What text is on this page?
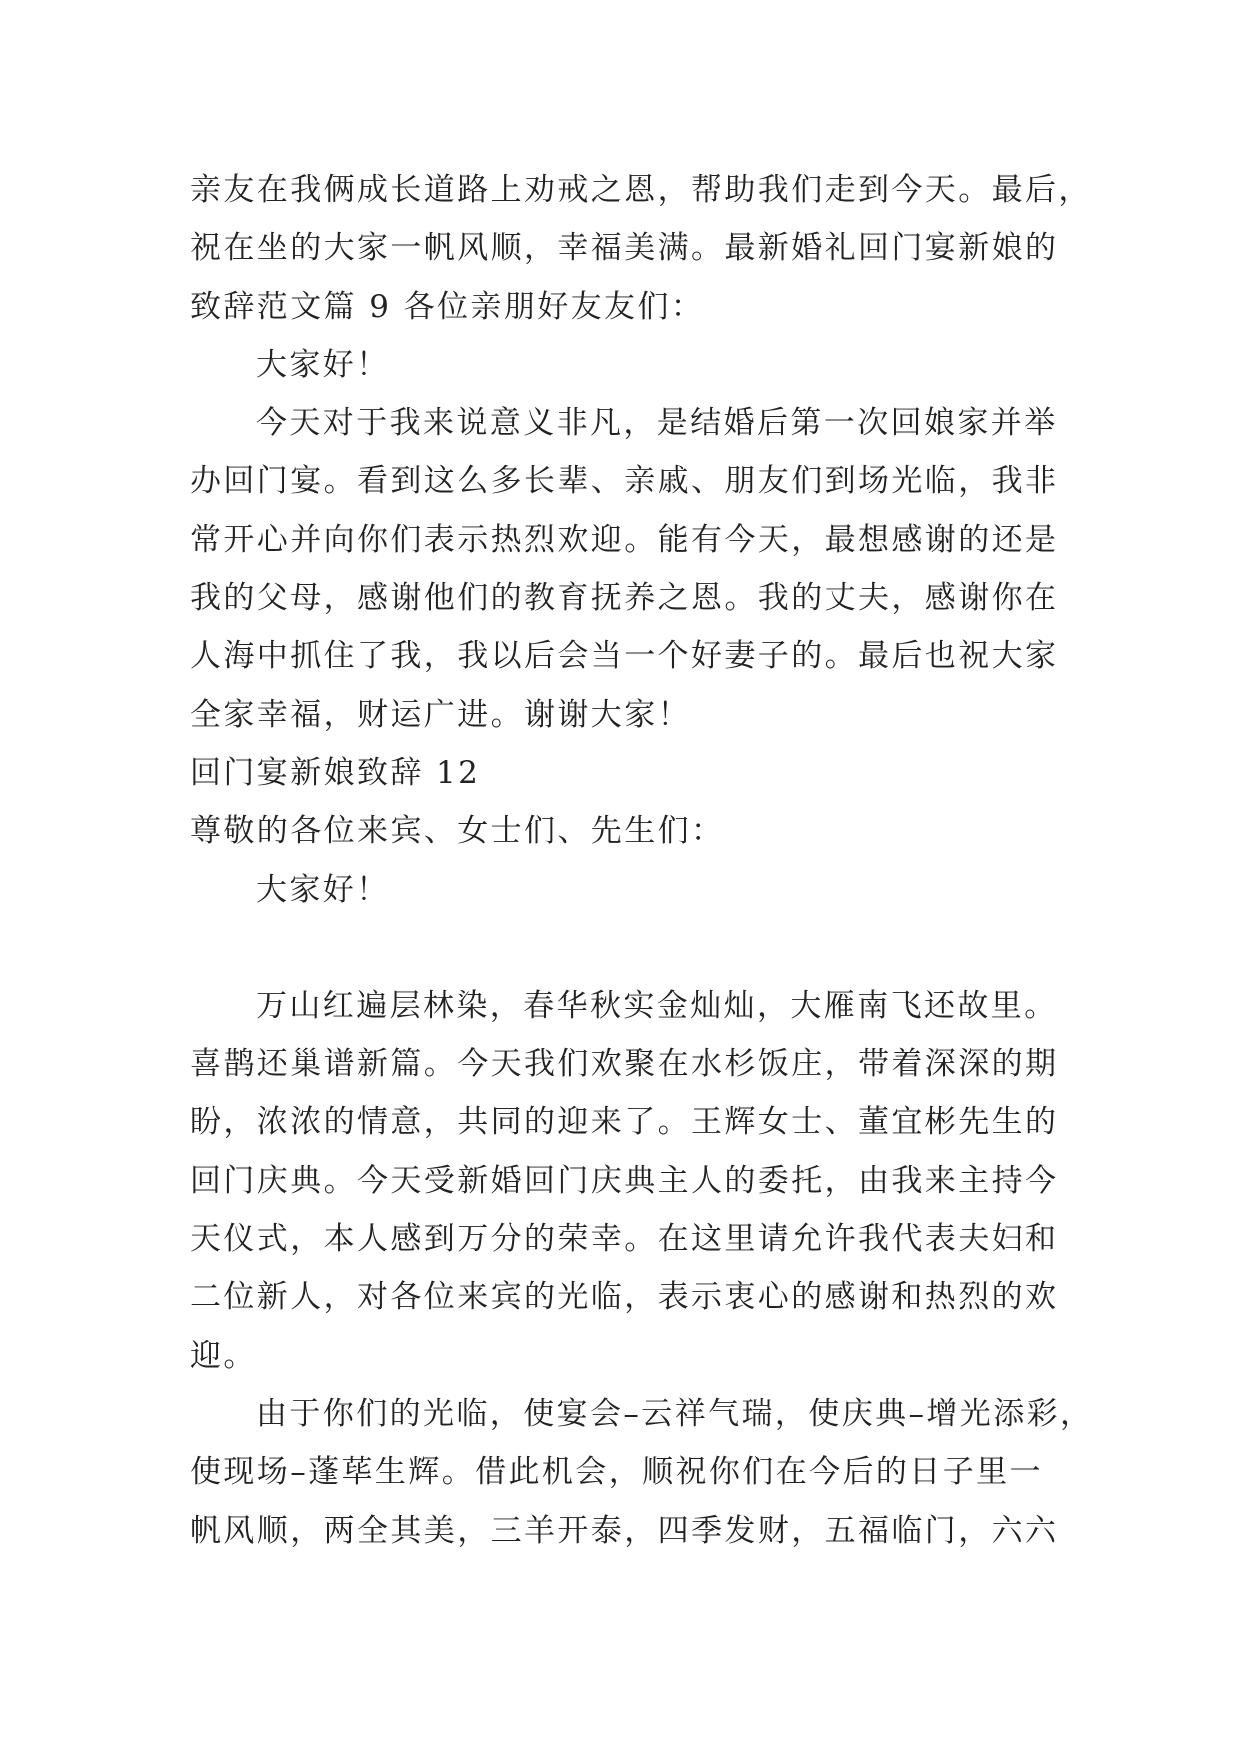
亲友在我俩成长道路上劝戒之恩，帮助我们走到今天。最后，
祝在坐的大家一帆风顺，幸福美满。最新婚礼回门宴新娘的
致辞范文篇 9 各位亲朋好友友们：
大家好！
今天对于我来说意义非凡，是结婚后第一次回娘家并举
办回门宴。看到这么多长辈、亲戚、朋友们到场光临，我非
常开心并向你们表示热烈欢迎。能有今天，最想感谢的还是
我的父母，感谢他们的教育抚养之恩。我的丈夫，感谢你在
人海中抓住了我，我以后会当一个好妻子的。最后也祝大家
全家幸福，财运广进。谢谢大家！
回门宴新娘致辞 12
尊敬的各位来宾、女士们、先生们：
大家好！
万山红遍层林染，春华秋实金灿灿，大雁南飞还故里。
喜鹊还巢谱新篇。今天我们欢聚在水杉饭庄，带着深深的期
盼，浓浓的情意，共同的迎来了。王辉女士、董宜彬先生的
回门庆典。今天受新婚回门庆典主人的委托，由我来主持今
天仪式，本人感到万分的荣幸。在这里请允许我代表夫妇和
二位新人，对各位来宾的光临，表示衷心的感谢和热烈的欢
迎。
由于你们的光临，使宴会–云祥气瑞，使庆典–增光添彩，
使现场–蓬荜生辉。借此机会，顺祝你们在今后的日子里一
帆风顺，两全其美，三羊开泰，四季发财，五福临门，六六
